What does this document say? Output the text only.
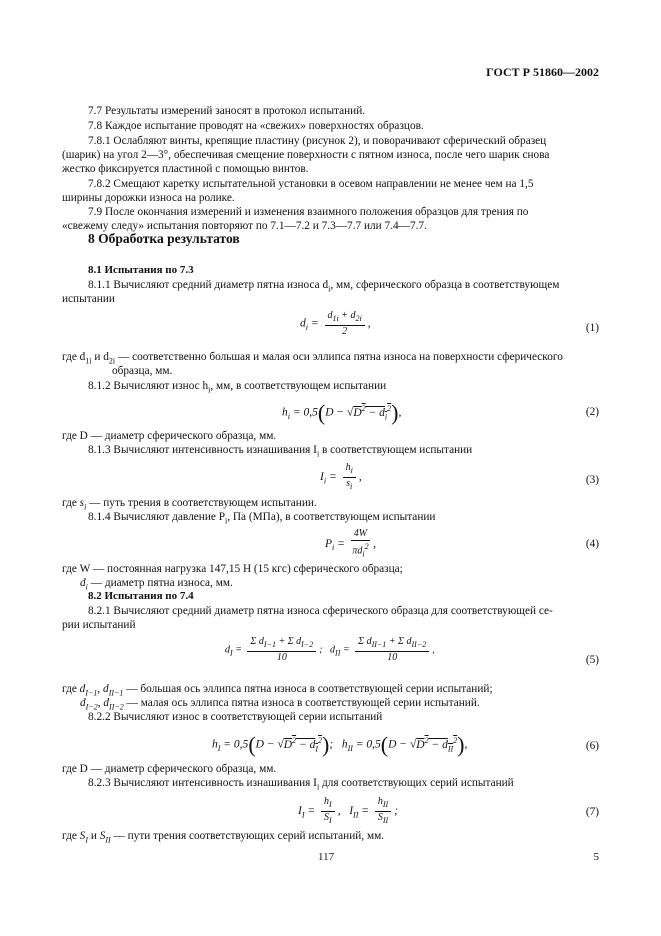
ГОСТ Р 51860—2002
7.7 Результаты измерений заносят в протокол испытаний.
7.8 Каждое испытание проводят на «свежих» поверхностях образцов.
7.8.1 Ослабляют винты, крепящие пластину (рисунок 2), и поворачивают сферический образец
(шарик) на угол 2—3°, обеспечивая смещение поверхности с пятном износа, после чего шарик снова
жестко фиксируется пластиной с помощью винтов.
7.8.2 Смещают каретку испытательной установки в осевом направлении не менее чем на 1,5
ширины дорожки износа на ролике.
7.9 После окончания измерений и изменения взаимного положения образцов для трения по
«свежему следу» испытания повторяют по 7.1—7.2 и 7.3—7.7 или 7.4—7.7.
8 Обработка результатов
8.1 Испытания по 7.3
8.1.1 Вычисляют средний диаметр пятна износа $d_i$, мм, сферического образца в соответствующем
испытании
$d_i = \frac{d_{1i} + d_{2i}}{2}$ ,	(1)
где $d_{1i}$ и $d_{2i}$ — соответственно большая и малая оси эллипса пятна износа на поверхности сферического
образца, мм.
8.1.2 Вычисляют износ $h_i$, мм, в соответствующем испытании
$h_i = 0,5(D - √D^2 - d_i^2)$,	(2)
где D — диаметр сферического образца, мм.
8.1.3 Вычисляют интенсивность изнашивания $I_i$ в соответствующем испытании
$I_i = \frac{h_i}{s_i}$ ,	(3)
где $s_i$ — путь трения в соответствующем испытании.
8.1.4 Вычисляют давление $P_i$, Па (МПа), в соответствующем испытании
$P_i = \frac{4W}{\pi d_i^2}$ ,	(4)
где W — постоянная нагрузка 147,15 Н (15 кгс) сферического образца;
$d_i$ — диаметр пятна износа, мм.
8.2 Испытания по 7.4
8.2.1 Вычисляют средний диаметр пятна износа сферического образца для соответствующей се-
рии испытаний
$d_I = \frac{\Sigma d_{I-1} + \Sigma d_{I-2}}{10}$ ;   $d_{II} = \frac{\Sigma d_{II-1} + \Sigma d_{II-2}}{10}$ ,
(5)
где $d_{I-1}$, $d_{II-1}$ — большая ось эллипса пятна износа в соответствующей серии испытаний;
$d_{I-2}$, $d_{II-2}$ — малая ось эллипса пятна износа в соответствующей серии испытаний.
8.2.2 Вычисляют износ в соответствующей серии испытаний
$h_I = 0,5(D - √D^2 - d_I^2)$;   $h_{II} = 0,5(D - √D^2 - d_{II}^2)$,	(6)
где D — диаметр сферического образца, мм.
8.2.3 Вычисляют интенсивность изнашивания $I_i$ для соответствующих серий испытаний
$I_I = \frac{h_I}{S_I}$ ,   $I_{II} = \frac{h_{II}}{S_{II}}$ ;	(7)
где $S_I$ и $S_{II}$ — пути трения соответствующих серий испытаний, мм.
117	5
